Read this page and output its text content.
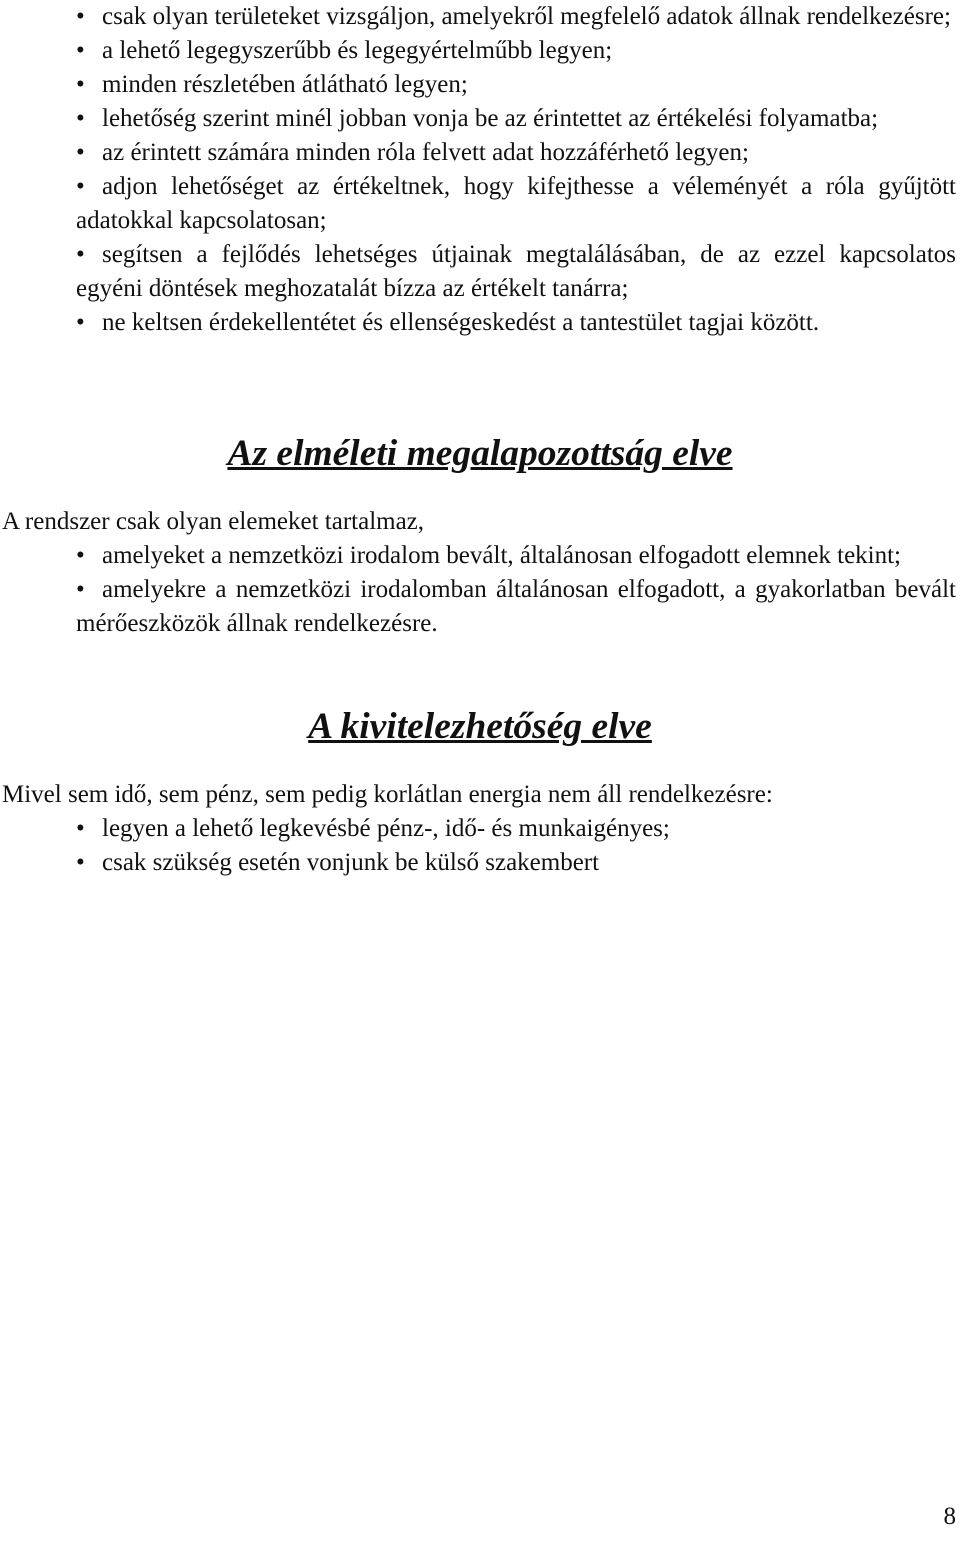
• csak olyan területeket vizsgáljon, amelyekről megfelelő adatok állnak rendelkezésre;
• a lehető legegyszerűbb és legegyértelműbb legyen;
• minden részletében átlátható legyen;
• lehetőség szerint minél jobban vonja be az érintettet az értékelési folyamatba;
• az érintett számára minden róla felvett adat hozzáférhető legyen;
• adjon lehetőséget az értékeltnek, hogy kifejthesse a véleményét a róla gyűjtött adatokkal kapcsolatosan;
• segítsen a fejlődés lehetséges útjainak megtalálásában, de az ezzel kapcsolatos egyéni döntések meghozatalát bízza az értékelt tanárra;
• ne keltsen érdekellentétet és ellenségeskedést a tantestület tagjai között.
Az elméleti megalapozottság elve

A rendszer csak olyan elemeket tartalmaz,

• amelyeket a nemzetközi irodalom bevált, általánosan elfogadott elemnek tekint;
• amelyekre a nemzetközi irodalomban általánosan elfogadott, a gyakorlatban bevált mérőeszközök állnak rendelkezésre.
A kivitelezhetőség elve

Mivel sem idő, sem pénz, sem pedig korlátlan energia nem áll rendelkezésre:

• legyen a lehető legkevésbé pénz-, idő- és munkaigényes;
• csak szükség esetén vonjunk be külső szakembert
8
